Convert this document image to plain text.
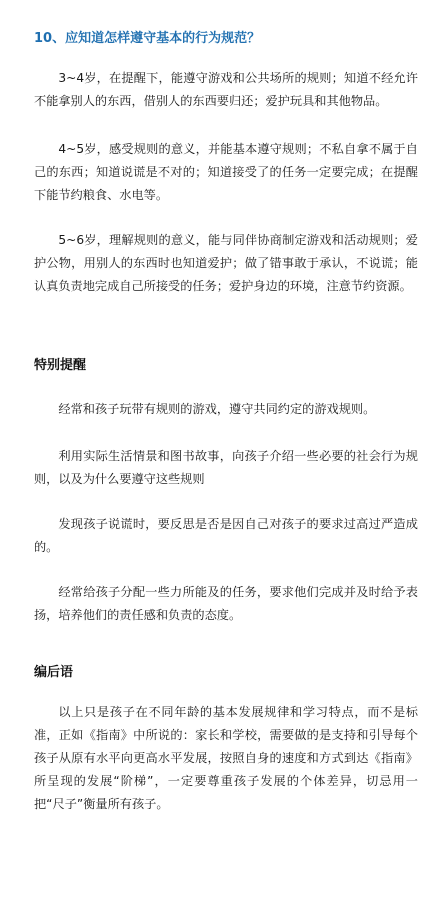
10、应知道怎样遵守基本的行为规范？

3~4岁，在提醒下，能遵守游戏和公共场所的规则；知道不经允许不能拿别人的东西，借别人的东西要归还；爱护玩具和其他物品。

4~5岁，感受规则的意义，并能基本遵守规则；不私自拿不属于自己的东西；知道说谎是不对的；知道接受了的任务一定要完成；在提醒下能节约粮食、水电等。

5~6岁，理解规则的意义，能与同伴协商制定游戏和活动规则；爱护公物，用别人的东西时也知道爱护；做了错事敢于承认，不说谎；能认真负责地完成自己所接受的任务；爱护身边的环境，注意节约资源。

特别提醒

经常和孩子玩带有规则的游戏，遵守共同约定的游戏规则。

利用实际生活情景和图书故事，向孩子介绍一些必要的社会行为规则，以及为什么要遵守这些规则

发现孩子说谎时，要反思是否是因自己对孩子的要求过高过严造成的。

经常给孩子分配一些力所能及的任务，要求他们完成并及时给予表扬，培养他们的责任感和负责的态度。

编后语

以上只是孩子在不同年龄的基本发展规律和学习特点，而不是标准，正如《指南》中所说的：家长和学校，需要做的是支持和引导每个孩子从原有水平向更高水平发展，按照自身的速度和方式到达《指南》所呈现的发展“阶梯”，一定要尊重孩子发展的个体差异，切忌用一把“尺子”衡量所有孩子。
